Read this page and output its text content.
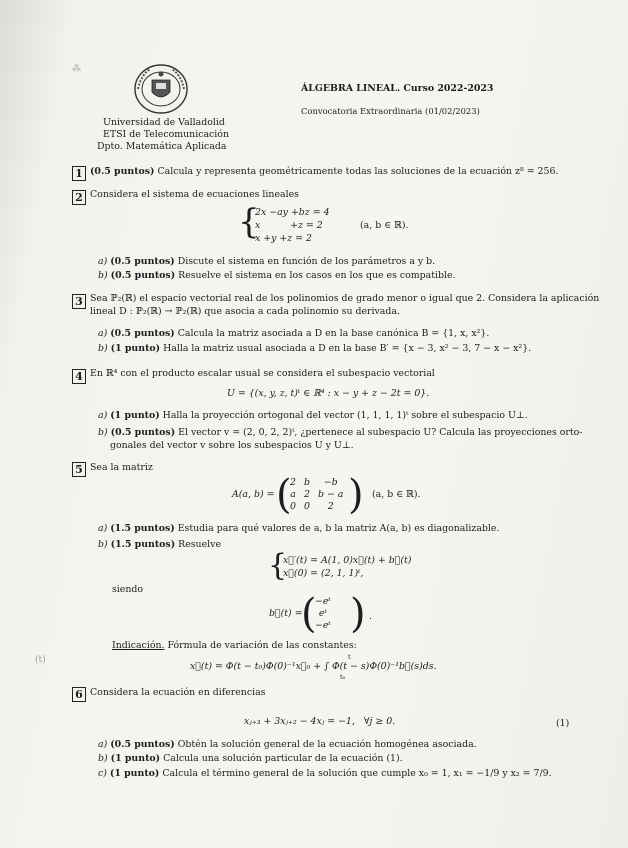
⁂
Universidad de Valladolid
ETSI de Telecomunicación
Dpto. Matemática Aplicada
ÁLGEBRA LINEAL. Curso 2022-2023
Convocatoria Extraordinaria (01/02/2023)
1 (0.5 puntos) Calcula y representa geométricamente todas las soluciones de la ecuación z⁸ = 256.
2 Considera el sistema de ecuaciones lineales
{
2x −ay +bz = 4
x          +z = 2
x +y +z = 2
(a, b ∈ ℝ).
a) (0.5 puntos) Discute el sistema en función de los parámetros a y b.
b) (0.5 puntos) Resuelve el sistema en los casos en los que es compatible.
3 Sea ℙ₂(ℝ) el espacio vectorial real de los polinomios de grado menor o igual que 2. Considera la aplicación
lineal D : ℙ₂(ℝ) → ℙ₂(ℝ) que asocia a cada polinomio su derivada.
a) (0.5 puntos) Calcula la matriz asociada a D en la base canónica B = {1, x, x²}.
b) (1 punto) Halla la matriz usual asociada a D en la base B′ = {x − 3, x² − 3, 7 − x − x²}.
4 En ℝ⁴ con el producto escalar usual se considera el subespacio vectorial
U = {(x, y, z, t)ᵗ ∈ ℝ⁴ : x − y + z − 2t = 0}.
a) (1 punto) Halla la proyección ortogonal del vector (1, 1, 1, 1)ᵗ sobre el subespacio U⊥.
b) (0.5 puntos) El vector v = (2, 0, 2, 2)ᵗ, ¿pertenece al subespacio U? Calcula las proyecciones orto-
gonales del vector v sobre los subespacios U y U⊥.
5 Sea la matriz
A(a, b) = (
2	b	−b
a	2	b − a
0	0	2 ) (a, b ∈ ℝ).
a) (1.5 puntos) Estudia para qué valores de a, b la matriz A(a, b) es diagonalizable.
b) (1.5 puntos) Resuelve
{
x⃗′(t) = A(1, 0)x⃗(t) + b⃗(t)
x⃗(0) = (2, 1, 1)ᵗ,
siendo
b⃗(t) =
(
−eᵗ
eᵗ
−eᵗ ) .
Indicación. Fórmula de variación de las constantes:
x⃗(t) = Φ(t − t₀)Φ(0)⁻¹x⃗₀ + ∫ Φ(t − s)Φ(0)⁻¹b⃗(s)ds.
t
t₀
(t)
6 Considera la ecuación en diferencias
xⱼ₊₃ + 3xⱼ₊₂ − 4xⱼ = −1,   ∀j ≥ 0.	(1)
a) (0.5 puntos) Obtén la solución general de la ecuación homogénea asociada.
b) (1 punto) Calcula una solución particular de la ecuación (1).
c) (1 punto) Calcula el término general de la solución que cumple x₀ = 1, x₁ = −1/9 y x₂ = 7/9.
